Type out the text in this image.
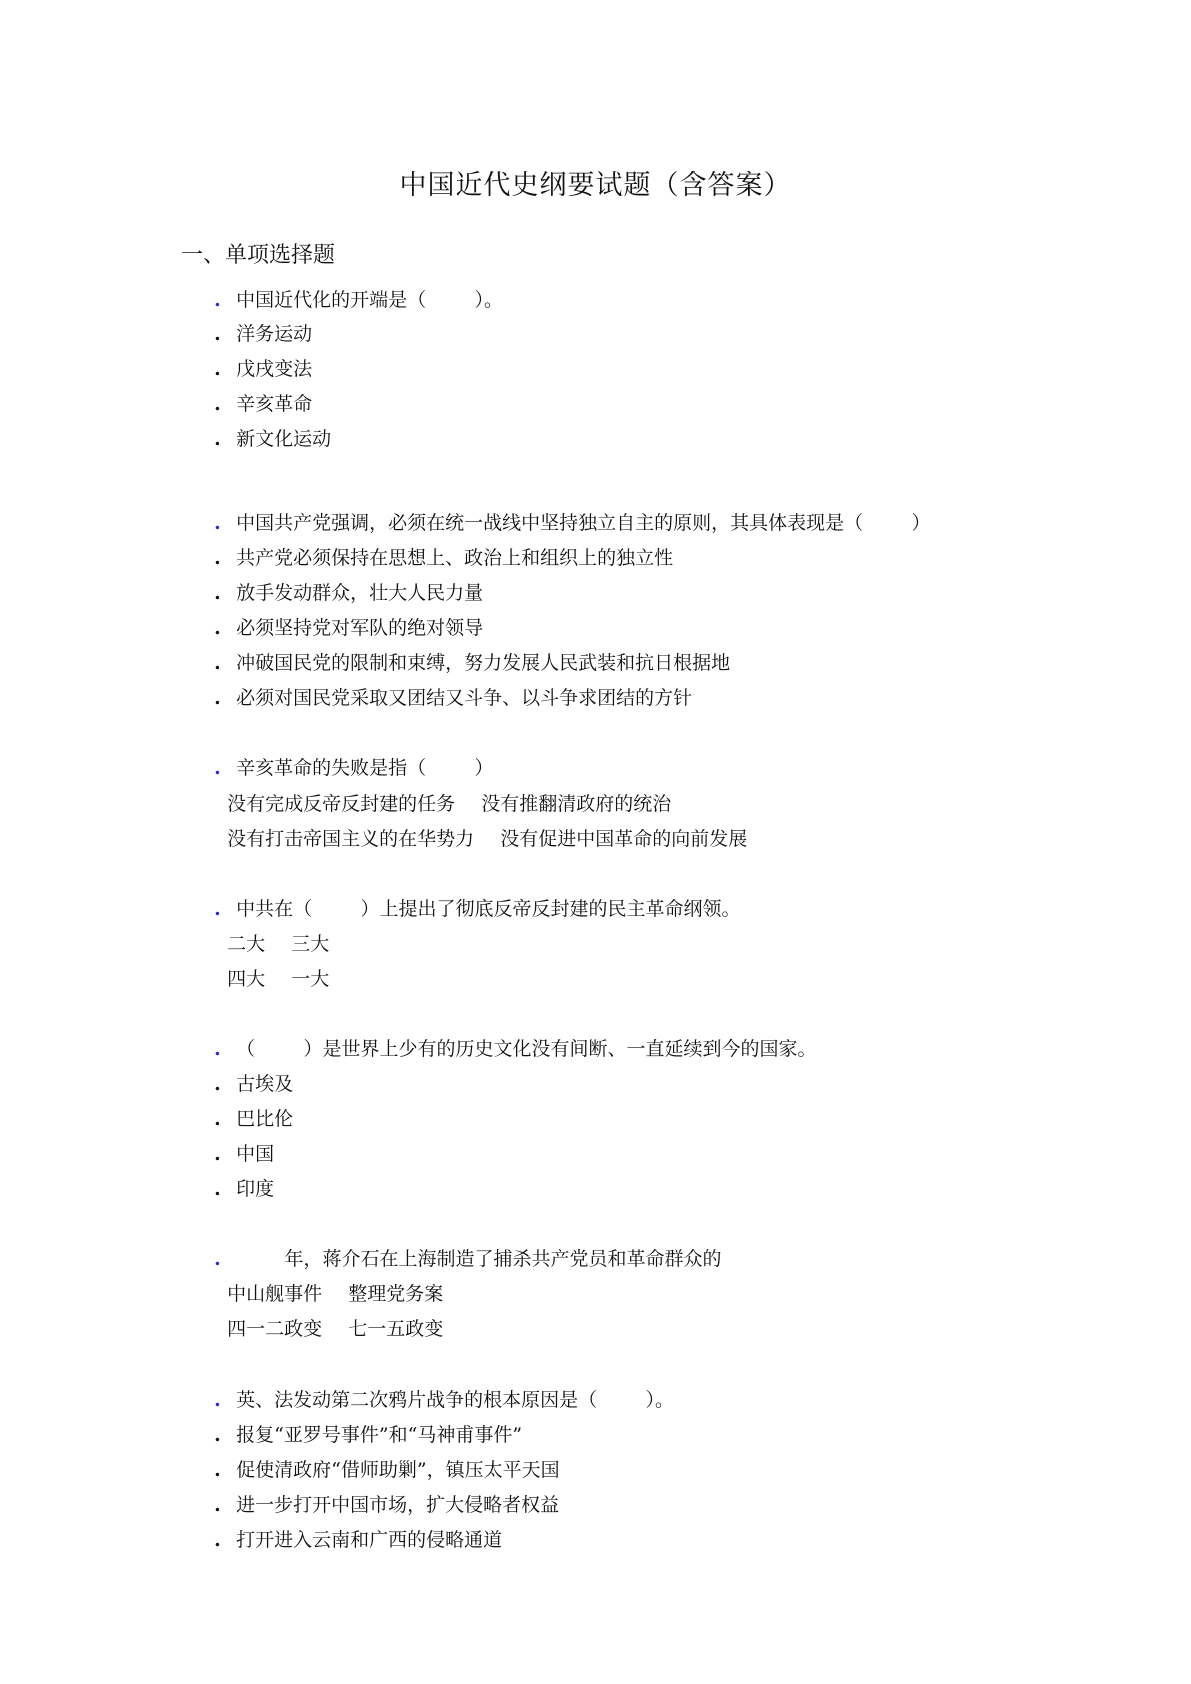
中国近代史纲要试题（含答案）
一、单项选择题

. 中国近代化的开端是（        ）。

. 洋务运动

. 戊戌变法

. 辛亥革命

. 新文化运动

. 中国共产党强调，必须在统一战线中坚持独立自主的原则，其具体表现是（        ）

. 共产党必须保持在思想上、政治上和组织上的独立性

. 放手发动群众，壮大人民力量

. 必须坚持党对军队的绝对领导

. 冲破国民党的限制和束缚，努力发展人民武装和抗日根据地

. 必须对国民党采取又团结又斗争、以斗争求团结的方针

. 辛亥革命的失败是指（        ）

没有完成反帝反封建的任务 没有推翻清政府的统治

没有打击帝国主义的在华势力 没有促进中国革命的向前发展

. 中共在（        ）上提出了彻底反帝反封建的民主革命纲领。

二大 三大

四大 一大

. （        ）是世界上少有的历史文化没有间断、一直延续到今的国家。

. 古埃及

. 巴比伦

. 中国

. 印度

.        年，蒋介石在上海制造了捕杀共产党员和革命群众的

中山舰事件 整理党务案

四一二政变 七一五政变

. 英、法发动第二次鸦片战争的根本原因是（        ）。

. 报复“亚罗号事件”和“马神甫事件”

. 促使清政府“借师助剿”，镇压太平天国

. 进一步打开中国市场，扩大侵略者权益

. 打开进入云南和广西的侵略通道
